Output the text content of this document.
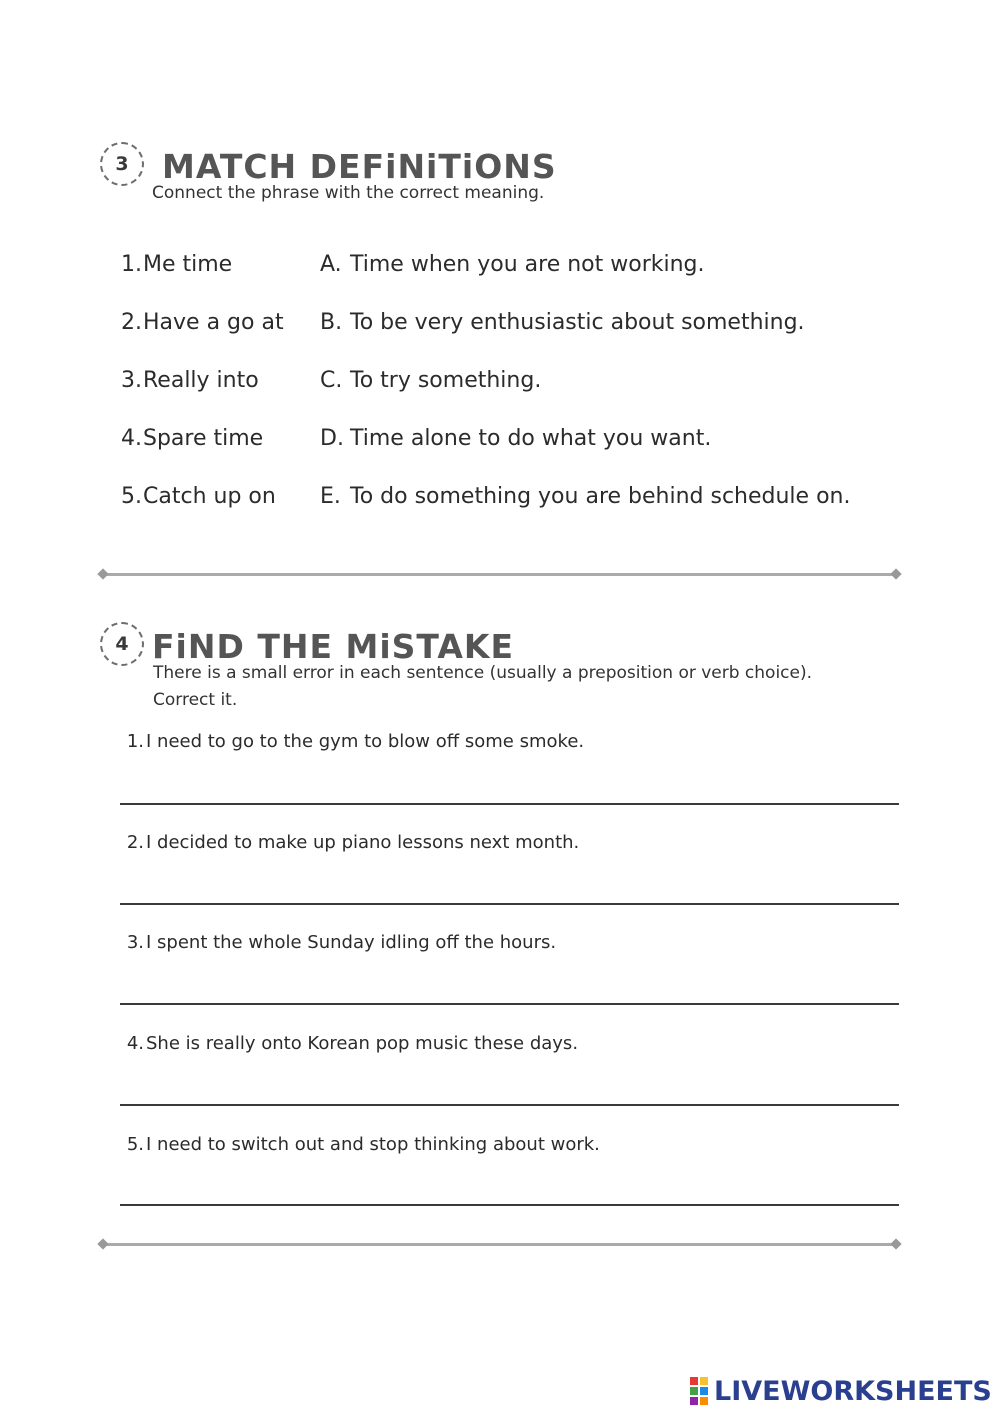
3 MATCH DEFiNiTiONS
Connect the phrase with the correct meaning.
1. Me time	A. Time when you are not working.
2. Have a go at B. To be very enthusiastic about something.
3. Really into	C. To try something.
4. Spare time	D. Time alone to do what you want.
5. Catch up on E. To do something you are behind schedule on.
4 FiND THE MiSTAKE
There is a small error in each sentence (usually a preposition or verb choice).
Correct it.
1. I need to go to the gym to blow off some smoke.
2. I decided to make up piano lessons next month.
3. I spent the whole Sunday idling off the hours.
4. She is really onto Korean pop music these days.
5. I need to switch out and stop thinking about work.
LIVEWORKSHEETS
